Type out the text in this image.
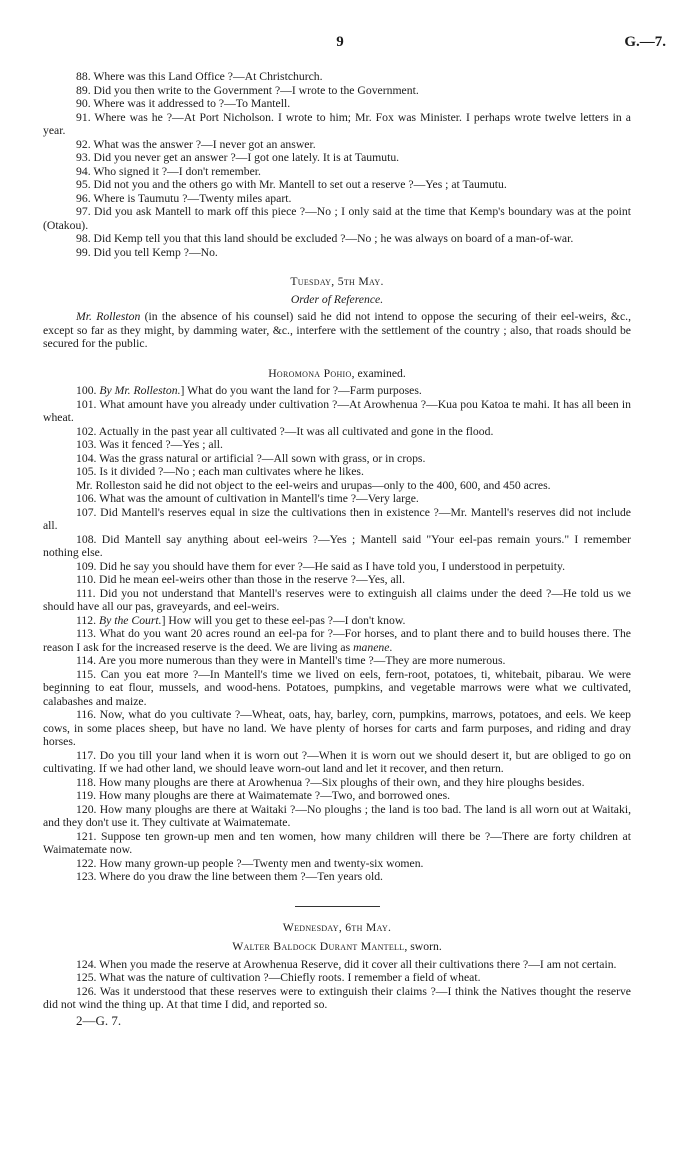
9	G.—7.

88. Where was this Land Office ?—At Christchurch.

89. Did you then write to the Government ?—I wrote to the Government.

90. Where was it addressed to ?—To Mantell.

91. Where was he ?—At Port Nicholson. I wrote to him; Mr. Fox was Minister. I perhaps wrote twelve letters in a year.

92. What was the answer ?—I never got an answer.

93. Did you never get an answer ?—I got one lately. It is at Taumutu.

94. Who signed it ?—I don't remember.

95. Did not you and the others go with Mr. Mantell to set out a reserve ?—Yes ; at Taumutu.

96. Where is Taumutu ?—Twenty miles apart.

97. Did you ask Mantell to mark off this piece ?—No ; I only said at the time that Kemp's boundary was at the point (Otakou).

98. Did Kemp tell you that this land should be excluded ?—No ; he was always on board of a man-of-war.

99. Did you tell Kemp ?—No.

Tuesday, 5th May.

Order of Reference.

Mr. Rolleston (in the absence of his counsel) said he did not intend to oppose the securing of their eel-weirs, &c., except so far as they might, by damming water, &c., interfere with the settlement of the country ; also, that roads should be secured for the public.

Horomona Pohio, examined.

100. By Mr. Rolleston.] What do you want the land for ?—Farm purposes.

101. What amount have you already under cultivation ?—At Arowhenua ?—Kua pou Katoa te mahi. It has all been in wheat.

102. Actually in the past year all cultivated ?—It was all cultivated and gone in the flood.

103. Was it fenced ?—Yes ; all.

104. Was the grass natural or artificial ?—All sown with grass, or in crops.

105. Is it divided ?—No ; each man cultivates where he likes.

Mr. Rolleston said he did not object to the eel-weirs and urupas—only to the 400, 600, and 450 acres.

106. What was the amount of cultivation in Mantell's time ?—Very large.

107. Did Mantell's reserves equal in size the cultivations then in existence ?—Mr. Mantell's reserves did not include all.

108. Did Mantell say anything about eel-weirs ?—Yes ; Mantell said "Your eel-pas remain yours." I remember nothing else.

109. Did he say you should have them for ever ?—He said as I have told you, I understood in perpetuity.

110. Did he mean eel-weirs other than those in the reserve ?—Yes, all.

111. Did you not understand that Mantell's reserves were to extinguish all claims under the deed ?—He told us we should have all our pas, graveyards, and eel-weirs.

112. By the Court.] How will you get to these eel-pas ?—I don't know.

113. What do you want 20 acres round an eel-pa for ?—For horses, and to plant there and to build houses there. The reason I ask for the increased reserve is the deed. We are living as manene.

114. Are you more numerous than they were in Mantell's time ?—They are more numerous.

115. Can you eat more ?—In Mantell's time we lived on eels, fern-root, potatoes, ti, whitebait, pibarau. We were beginning to eat flour, mussels, and wood-hens. Potatoes, pumpkins, and vegetable marrows were what we cultivated, calabashes and maize.

116. Now, what do you cultivate ?—Wheat, oats, hay, barley, corn, pumpkins, marrows, potatoes, and eels. We keep cows, in some places sheep, but have no land. We have plenty of horses for carts and farm purposes, and riding and dray horses.

117. Do you till your land when it is worn out ?—When it is worn out we should desert it, but are obliged to go on cultivating. If we had other land, we should leave worn-out land and let it recover, and then return.

118. How many ploughs are there at Arowhenua ?—Six ploughs of their own, and they hire ploughs besides.

119. How many ploughs are there at Waimatemate ?—Two, and borrowed ones.

120. How many ploughs are there at Waitaki ?—No ploughs ; the land is too bad. The land is all worn out at Waitaki, and they don't use it. They cultivate at Waimatemate.

121. Suppose ten grown-up men and ten women, how many children will there be ?—There are forty children at Waimatemate now.

122. How many grown-up people ?—Twenty men and twenty-six women.

123. Where do you draw the line between them ?—Ten years old.

Wednesday, 6th May.

Walter Baldock Durant Mantell, sworn.

124. When you made the reserve at Arowhenua Reserve, did it cover all their cultivations there ?—I am not certain.

125. What was the nature of cultivation ?—Chiefly roots. I remember a field of wheat.

126. Was it understood that these reserves were to extinguish their claims ?—I think the Natives thought the reserve did not wind the thing up. At that time I did, and reported so.

2—G. 7.
